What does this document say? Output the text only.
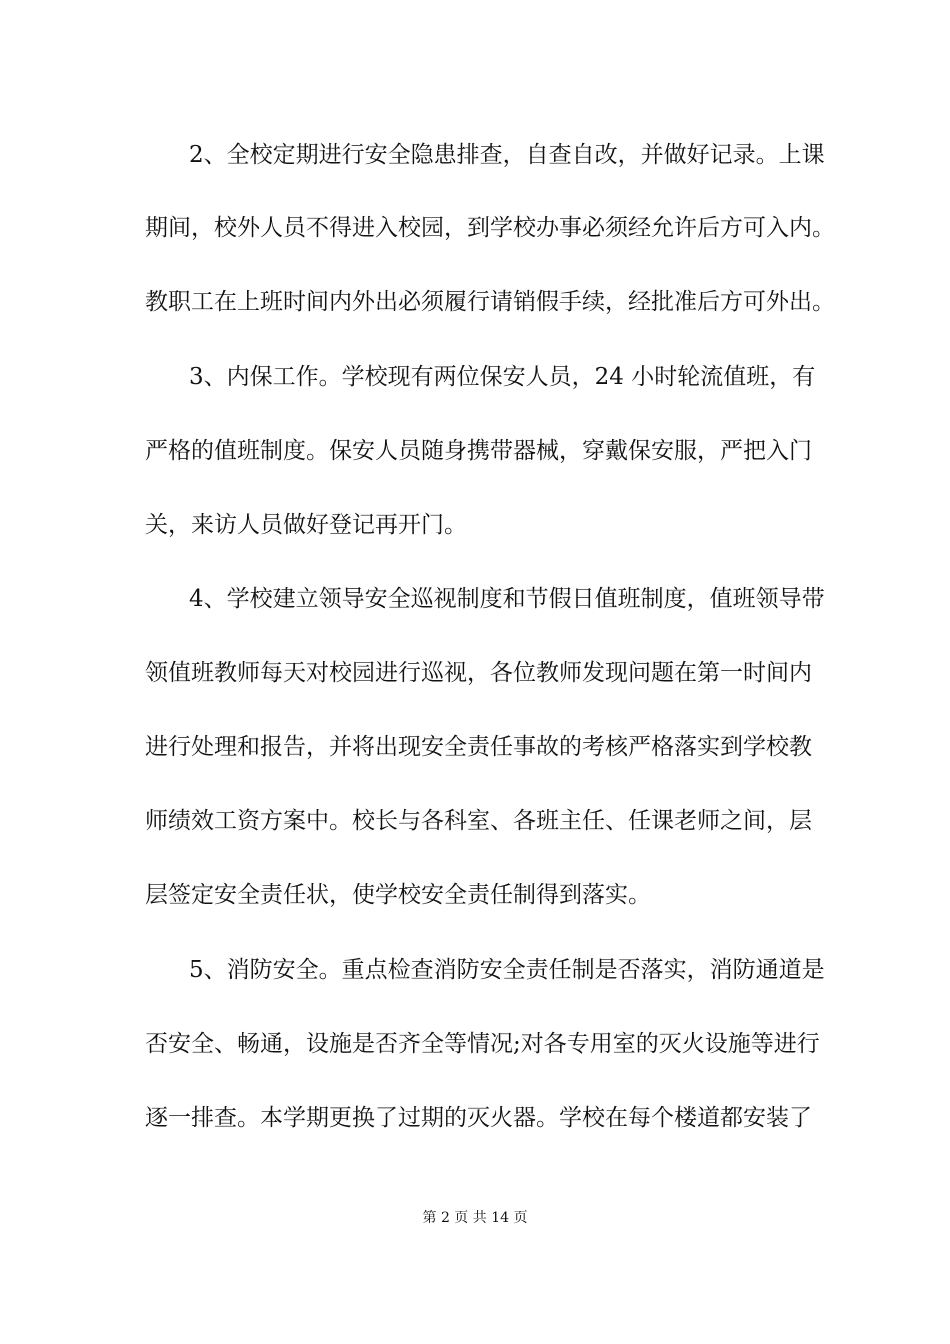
2、全校定期进行安全隐患排查，自查自改，并做好记录。上课
期间，校外人员不得进入校园，到学校办事必须经允许后方可入内。
教职工在上班时间内外出必须履行请销假手续，经批准后方可外出。
3、内保工作。学校现有两位保安人员，24 小时轮流值班，有
严格的值班制度。保安人员随身携带器械，穿戴保安服，严把入门
关，来访人员做好登记再开门。
4、学校建立领导安全巡视制度和节假日值班制度，值班领导带
领值班教师每天对校园进行巡视，各位教师发现问题在第一时间内
进行处理和报告，并将出现安全责任事故的考核严格落实到学校教
师绩效工资方案中。校长与各科室、各班主任、任课老师之间，层
层签定安全责任状，使学校安全责任制得到落实。
5、消防安全。重点检查消防安全责任制是否落实，消防通道是
否安全、畅通，设施是否齐全等情况;对各专用室的灭火设施等进行
逐一排查。本学期更换了过期的灭火器。学校在每个楼道都安装了
第 2 页 共 14 页
